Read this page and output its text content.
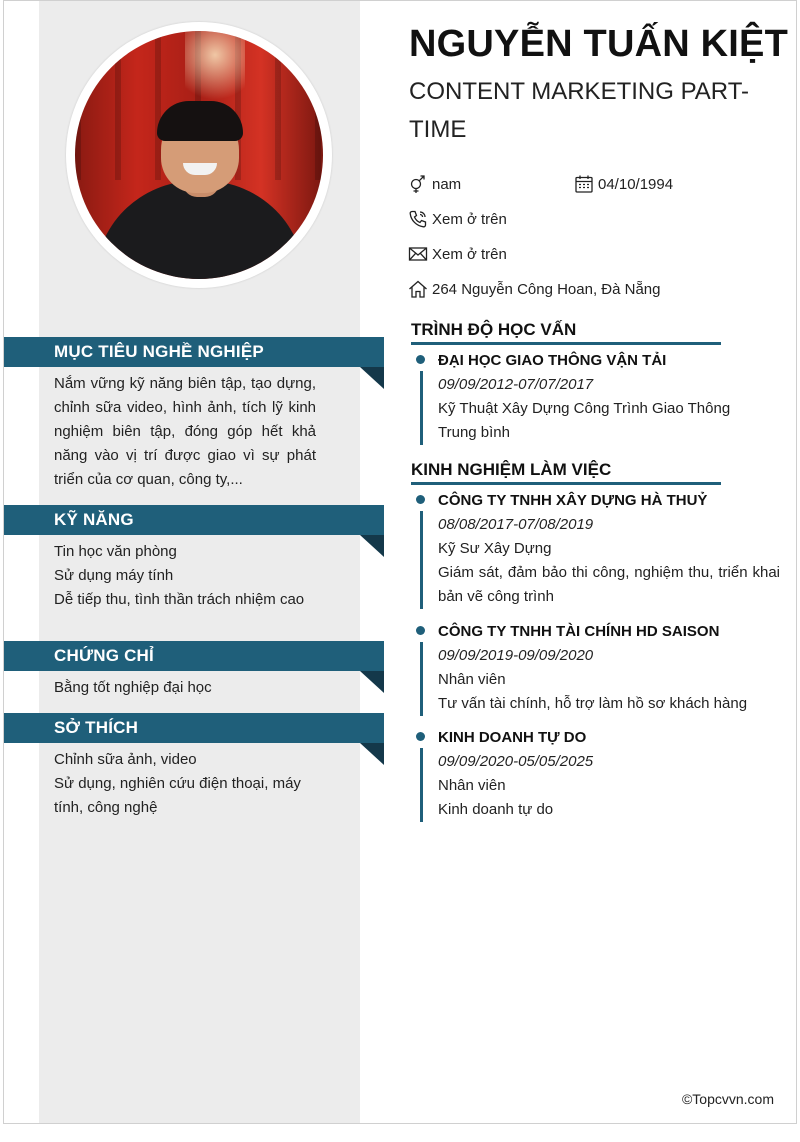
MỤC TIÊU NGHỀ NGHIỆP
Nắm vững kỹ năng biên tập, tạo dựng, chỉnh sữa video, hình ảnh, tích lỹ kinh nghiệm biên tập, đóng góp hết khả năng vào vị trí được giao vì sự phát triển của cơ quan, công ty,...
KỸ NĂNG
Tin học văn phòng
Sử dụng máy tính
Dễ tiếp thu, tình thần trách nhiệm cao
CHỨNG CHỈ
Bằng tốt nghiệp đại học
SỞ THÍCH
Chỉnh sữa ảnh, video
Sử dụng, nghiên cứu điện thoại, máy tính, công nghệ
NGUYỄN TUẤN KIỆT
CONTENT MARKETING PART-TIME
nam	04/10/1994
Xem ở trên
Xem ở trên
264 Nguyễn Công Hoan, Đà Nẵng
TRÌNH ĐỘ HỌC VẤN
ĐẠI HỌC GIAO THÔNG VẬN TẢI
09/09/2012-07/07/2017
Kỹ Thuật Xây Dựng Công Trình Giao Thông
Trung bình
KINH NGHIỆM LÀM VIỆC
CÔNG TY TNHH XÂY DỰNG HÀ THUỶ
08/08/2017-07/08/2019
Kỹ Sư Xây Dựng
Giám sát, đảm bảo thi công, nghiệm thu, triển khai bản vẽ công trình
CÔNG TY TNHH TÀI CHÍNH HD SAISON
09/09/2019-09/09/2020
Nhân viên
Tư vấn tài chính, hỗ trợ làm hồ sơ khách hàng
KINH DOANH TỰ DO
09/09/2020-05/05/2025
Nhân viên
Kinh doanh tự do
©Topcvvn.com
